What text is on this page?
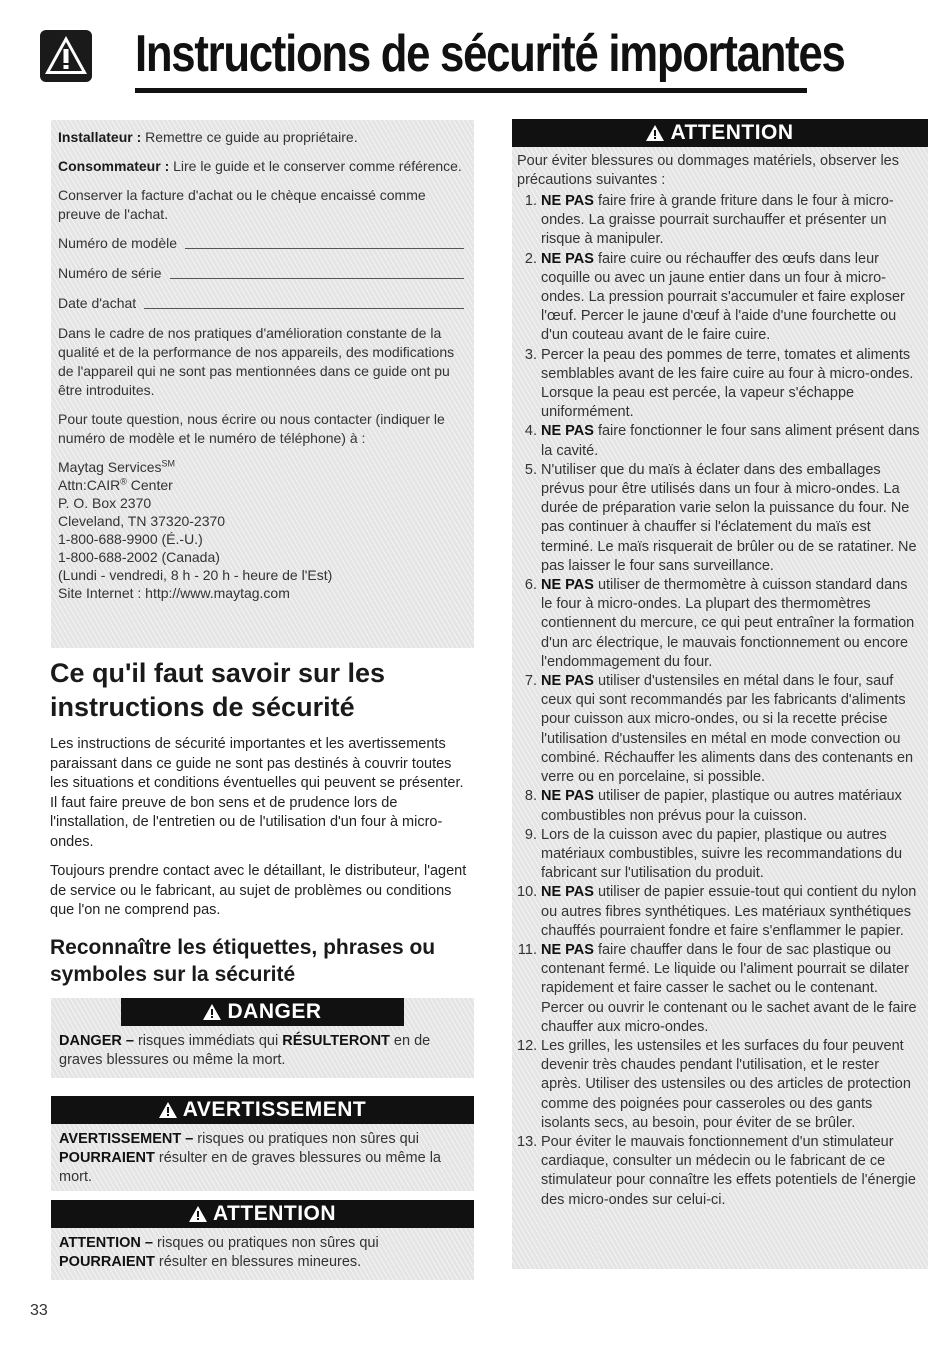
Instructions de sécurité importantes

Installateur : Remettre ce guide au propriétaire.

Consommateur : Lire le guide et le conserver comme référence.

Conserver la facture d'achat ou le chèque encaissé comme preuve de l'achat.

Numéro de modèle
Numéro de série
Date d'achat

Dans le cadre de nos pratiques d'amélioration constante de la qualité et de la performance de nos appareils, des modifications de l'appareil qui ne sont pas mentionnées dans ce guide ont pu être introduites.

Pour toute question, nous écrire ou nous contacter (indiquer le numéro de modèle et le numéro de téléphone) à :

Maytag Services℠
Attn:CAIR® Center
P. O. Box 2370
Cleveland, TN 37320-2370
1-800-688-9900 (É.-U.)
1-800-688-2002 (Canada)
(Lundi - vendredi, 8 h - 20 h - heure de l'Est)
Site Internet : http://www.maytag.com
Ce qu'il faut savoir sur les instructions de sécurité

Les instructions de sécurité importantes et les avertissements paraissant dans ce guide ne sont pas destinés à couvrir toutes les situations et conditions éventuelles qui peuvent se présenter. Il faut faire preuve de bon sens et de prudence lors de l'installation, de l'entretien ou de l'utilisation d'un four à micro-ondes.

Toujours prendre contact avec le détaillant, le distributeur, l'agent de service ou le fabricant, au sujet de problèmes ou conditions que l'on ne comprend pas.

Reconnaître les étiquettes, phrases ou symboles sur la sécurité
DANGER
DANGER – risques immédiats qui RÉSULTERONT en de graves blessures ou même la mort.
AVERTISSEMENT
AVERTISSEMENT – risques ou pratiques non sûres qui POURRAIENT résulter en de graves blessures ou même la mort.
ATTENTION
ATTENTION – risques ou pratiques non sûres qui POURRAIENT résulter en blessures mineures.
ATTENTION
Pour éviter blessures ou dommages matériels, observer les précautions suivantes :
1. NE PAS faire frire à grande friture dans le four à micro-ondes. La graisse pourrait surchauffer et présenter un risque à manipuler.
2. NE PAS faire cuire ou réchauffer des œufs dans leur coquille ou avec un jaune entier dans un four à micro-ondes. La pression pourrait s'accumuler et faire exploser l'œuf. Percer le jaune d'œuf à l'aide d'une fourchette ou d'un couteau avant de le faire cuire.
3. Percer la peau des pommes de terre, tomates et aliments semblables avant de les faire cuire au four à micro-ondes. Lorsque la peau est percée, la vapeur s'échappe uniformément.
4. NE PAS faire fonctionner le four sans aliment présent dans la cavité.
5. N'utiliser que du maïs à éclater dans des emballages prévus pour être utilisés dans un four à micro-ondes. La durée de préparation varie selon la puissance du four. Ne pas continuer à chauffer si l'éclatement du maïs est terminé. Le maïs risquerait de brûler ou de se ratatiner. Ne pas laisser le four sans surveillance.
6. NE PAS utiliser de thermomètre à cuisson standard dans le four à micro-ondes. La plupart des thermomètres contiennent du mercure, ce qui peut entraîner la formation d'un arc électrique, le mauvais fonctionnement ou encore l'endommagement du four.
7. NE PAS utiliser d'ustensiles en métal dans le four, sauf ceux qui sont recommandés par les fabricants d'aliments pour cuisson aux micro-ondes, ou si la recette précise l'utilisation d'ustensiles en métal en mode convection ou combiné. Réchauffer les aliments dans des contenants en verre ou en porcelaine, si possible.
8. NE PAS utiliser de papier, plastique ou autres matériaux combustibles non prévus pour la cuisson.
9. Lors de la cuisson avec du papier, plastique ou autres matériaux combustibles, suivre les recommandations du fabricant sur l'utilisation du produit.
10. NE PAS utiliser de papier essuie-tout qui contient du nylon ou autres fibres synthétiques. Les matériaux synthétiques chauffés pourraient fondre et faire s'enflammer le papier.
11. NE PAS faire chauffer dans le four de sac plastique ou contenant fermé. Le liquide ou l'aliment pourrait se dilater rapidement et faire casser le sachet ou le contenant. Percer ou ouvrir le contenant ou le sachet avant de le faire chauffer aux micro-ondes.
12. Les grilles, les ustensiles et les surfaces du four peuvent devenir très chaudes pendant l'utilisation, et le rester après. Utiliser des ustensiles ou des articles de protection comme des poignées pour casseroles ou des gants isolants secs, au besoin, pour éviter de se brûler.
13. Pour éviter le mauvais fonctionnement d'un stimulateur cardiaque, consulter un médecin ou le fabricant de ce stimulateur pour connaître les effets potentiels de l'énergie des micro-ondes sur celui-ci.
33
